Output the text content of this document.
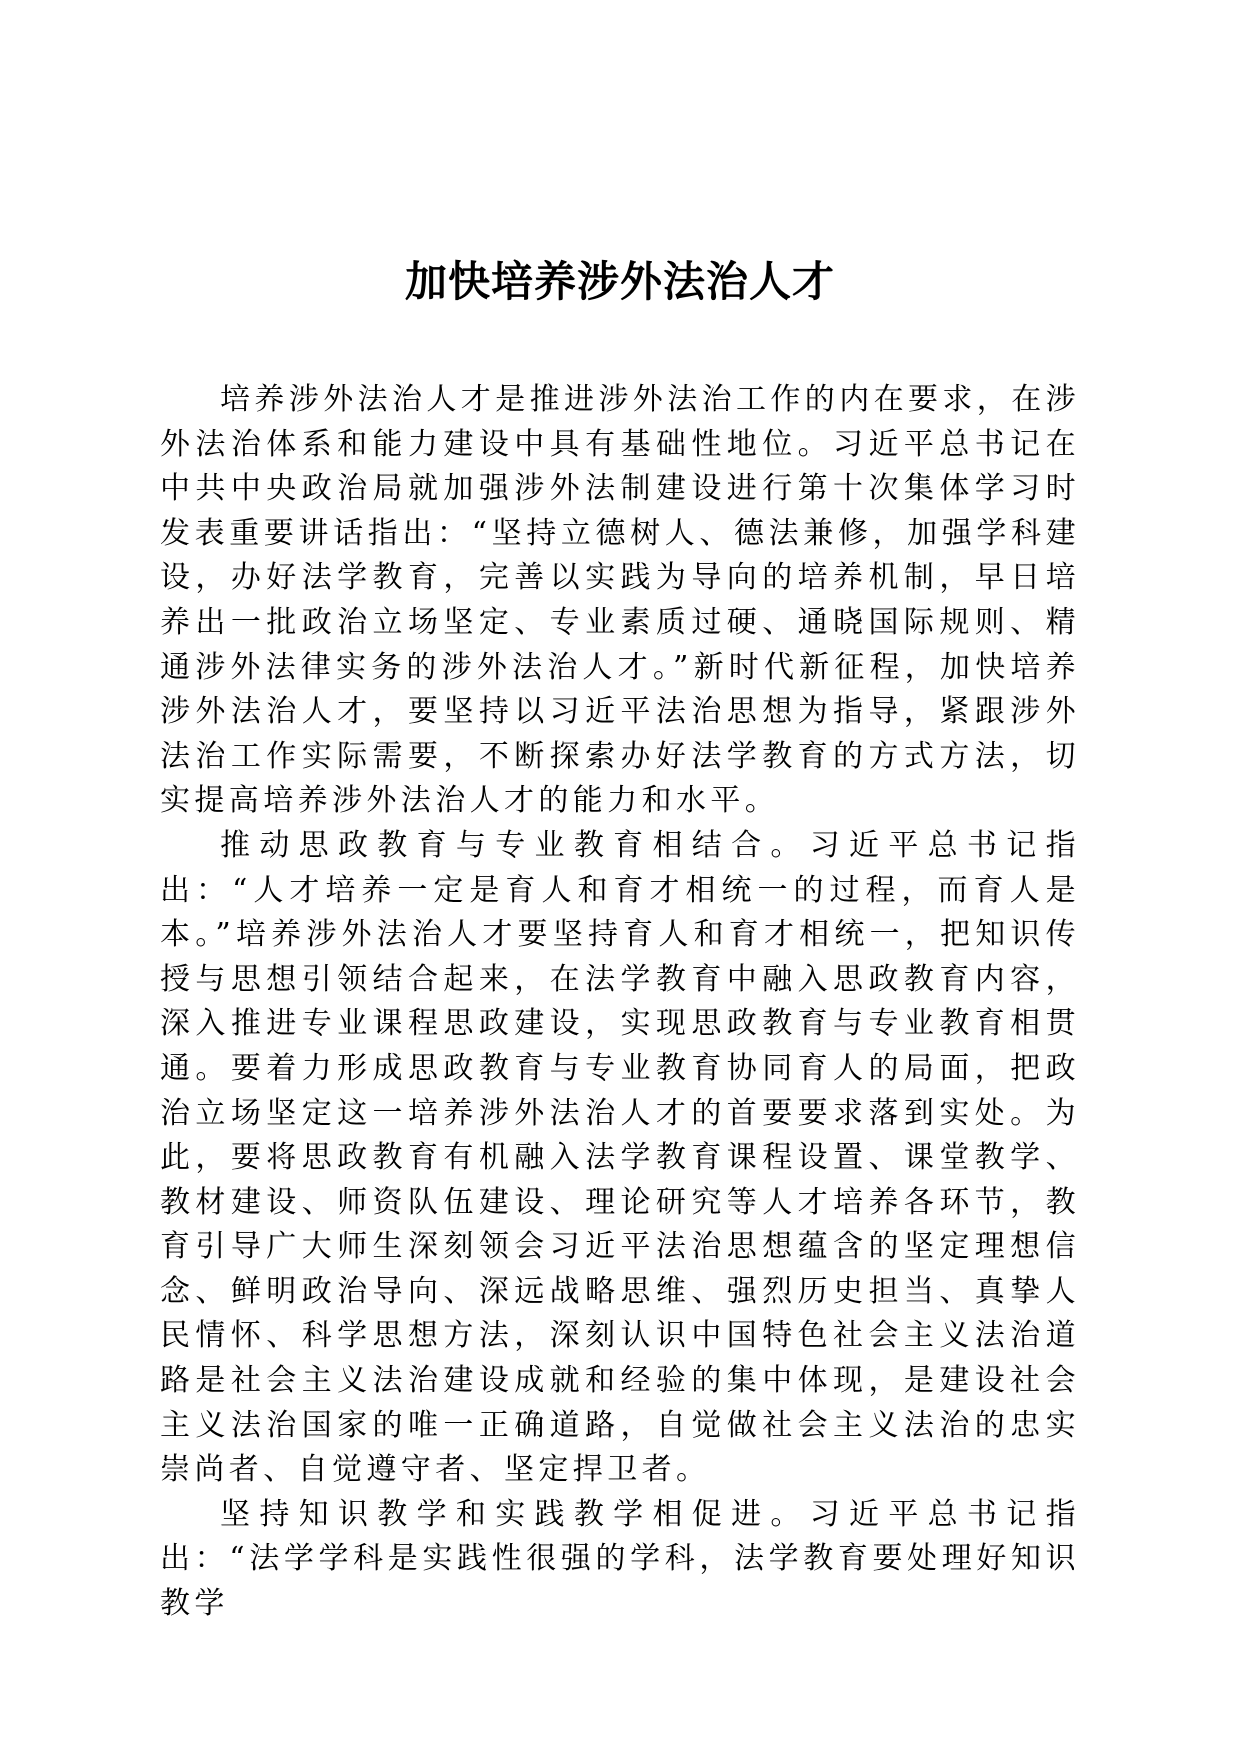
加快培养涉外法治人才

培养涉外法治人才是推进涉外法治工作的内在要求，在涉外法治体系和能力建设中具有基础性地位。习近平总书记在中共中央政治局就加强涉外法制建设进行第十次集体学习时发表重要讲话指出：“坚持立德树人、德法兼修，加强学科建设，办好法学教育，完善以实践为导向的培养机制，早日培养出一批政治立场坚定、专业素质过硬、通晓国际规则、精通涉外法律实务的涉外法治人才。”新时代新征程，加快培养涉外法治人才，要坚持以习近平法治思想为指导，紧跟涉外法治工作实际需要，不断探索办好法学教育的方式方法，切实提高培养涉外法治人才的能力和水平。

推动思政教育与专业教育相结合。习近平总书记指出：“人才培养一定是育人和育才相统一的过程，而育人是本。”培养涉外法治人才要坚持育人和育才相统一，把知识传授与思想引领结合起来，在法学教育中融入思政教育内容，深入推进专业课程思政建设，实现思政教育与专业教育相贯通。要着力形成思政教育与专业教育协同育人的局面，把政治立场坚定这一培养涉外法治人才的首要要求落到实处。为此，要将思政教育有机融入法学教育课程设置、课堂教学、教材建设、师资队伍建设、理论研究等人才培养各环节，教育引导广大师生深刻领会习近平法治思想蕴含的坚定理想信念、鲜明政治导向、深远战略思维、强烈历史担当、真挚人民情怀、科学思想方法，深刻认识中国特色社会主义法治道路是社会主义法治建设成就和经验的集中体现，是建设社会主义法治国家的唯一正确道路，自觉做社会主义法治的忠实崇尚者、自觉遵守者、坚定捍卫者。

坚持知识教学和实践教学相促进。习近平总书记指出：“法学学科是实践性很强的学科，法学教育要处理好知识教学
